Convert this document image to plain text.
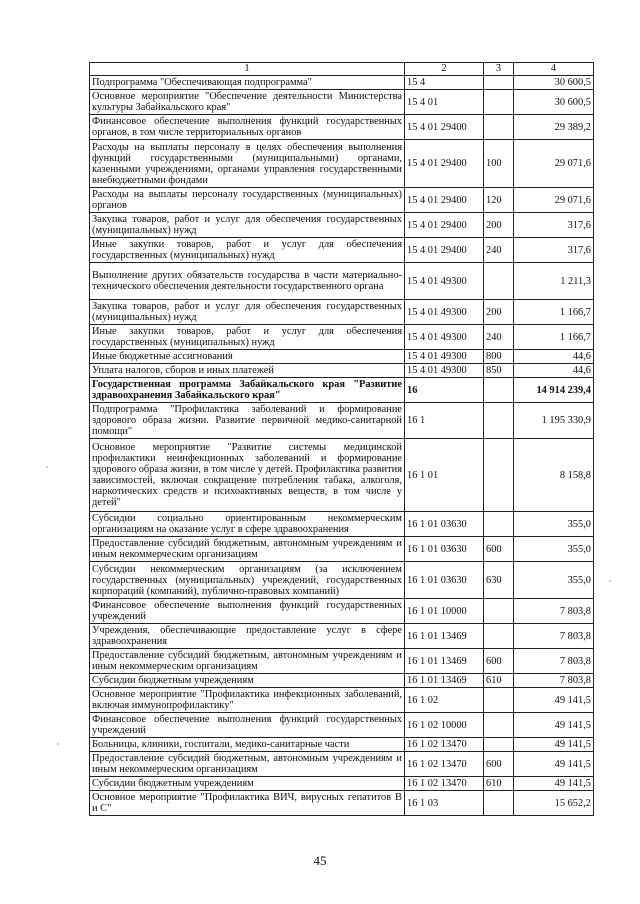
1	2	3	4
Подпрограмма "Обеспечивающая подпрограмма"	15 4		30 600,5
Основное мероприятие "Обеспечение деятельности Министерства культуры Забайкальского края"	15 4 01		30 600,5
Финансовое обеспечение выполнения функций государственных органов, в том числе территориальных органов	15 4 01 29400		29 389,2
Расходы на выплаты персоналу в целях обеспечения выполнения функций государственными (муниципальными) органами, казенными учреждениями, органами управления государственными внебюджетными фондами	15 4 01 29400	100	29 071,6
Расходы на выплаты персоналу государственных (муниципальных) органов	15 4 01 29400	120	29 071,6
Закупка товаров, работ и услуг для обеспечения государственных (муниципальных) нужд	15 4 01 29400	200	317,6
Иные закупки товаров, работ и услуг для обеспечения государственных (муниципальных) нужд	15 4 01 29400	240	317,6
Выполнение других обязательств государства в части материально-технического обеспечения деятельности государственного органа	15 4 01 49300		1 211,3
Закупка товаров, работ и услуг для обеспечения государственных (муниципальных) нужд	15 4 01 49300	200	1 166,7
Иные закупки товаров, работ и услуг для обеспечения государственных (муниципальных) нужд	15 4 01 49300	240	1 166,7
Иные бюджетные ассигнования	15 4 01 49300	800	44,6
Уплата налогов, сборов и иных платежей	15 4 01 49300	850	44,6
Государственная программа Забайкальского края "Развитие здравоохранения Забайкальского края"	16		14 914 239,4
Подпрограмма "Профилактика заболеваний и формирование здорового образа жизни. Развитие первичной медико-санитарной помощи"	16 1		1 195 330,9
Основное мероприятие "Развитие системы медицинской профилактики неинфекционных заболеваний и формирование здорового образа жизни, в том числе у детей. Профилактика развития зависимостей, включая сокращение потребления табака, алкоголя, наркотических средств и психоактивных веществ, в том числе у детей"	16 1 01		8 158,8
Субсидии социально ориентированным некоммерческим организациям на оказание услуг в сфере здравоохранения	16 1 01 03630		355,0
Предоставление субсидий бюджетным, автономным учреждениям и иным некоммерческим организациям	16 1 01 03630	600	355,0
Субсидии некоммерческим организациям (за исключением государственных (муниципальных) учреждений, государственных корпораций (компаний), публично-правовых компаний)	16 1 01 03630	630	355,0
Финансовое обеспечение выполнения функций государственных учреждений	16 1 01 10000		7 803,8
Учреждения, обеспечивающие предоставление услуг в сфере здравоохранения	16 1 01 13469		7 803,8
Предоставление субсидий бюджетным, автономным учреждениям и иным некоммерческим организациям	16 1 01 13469	600	7 803,8
Субсидии бюджетным учреждениям	16 1 01 13469	610	7 803,8
Основное мероприятие "Профилактика инфекционных заболеваний, включая иммунопрофилактику"	16 1 02		49 141,5
Финансовое обеспечение выполнения функций государственных учреждений	16 1 02 10000		49 141,5
Больницы, клиники, госпитали, медико-санитарные части	16 1 02 13470		49 141,5
Предоставление субсидий бюджетным, автономным учреждениям и иным некоммерческим организациям	16 1 02 13470	600	49 141,5
Субсидии бюджетным учреждениям	16 1 02 13470	610	49 141,5
Основное мероприятие "Профилактика ВИЧ, вирусных гепатитов В и С"	16 1 03		15 652,2
45
